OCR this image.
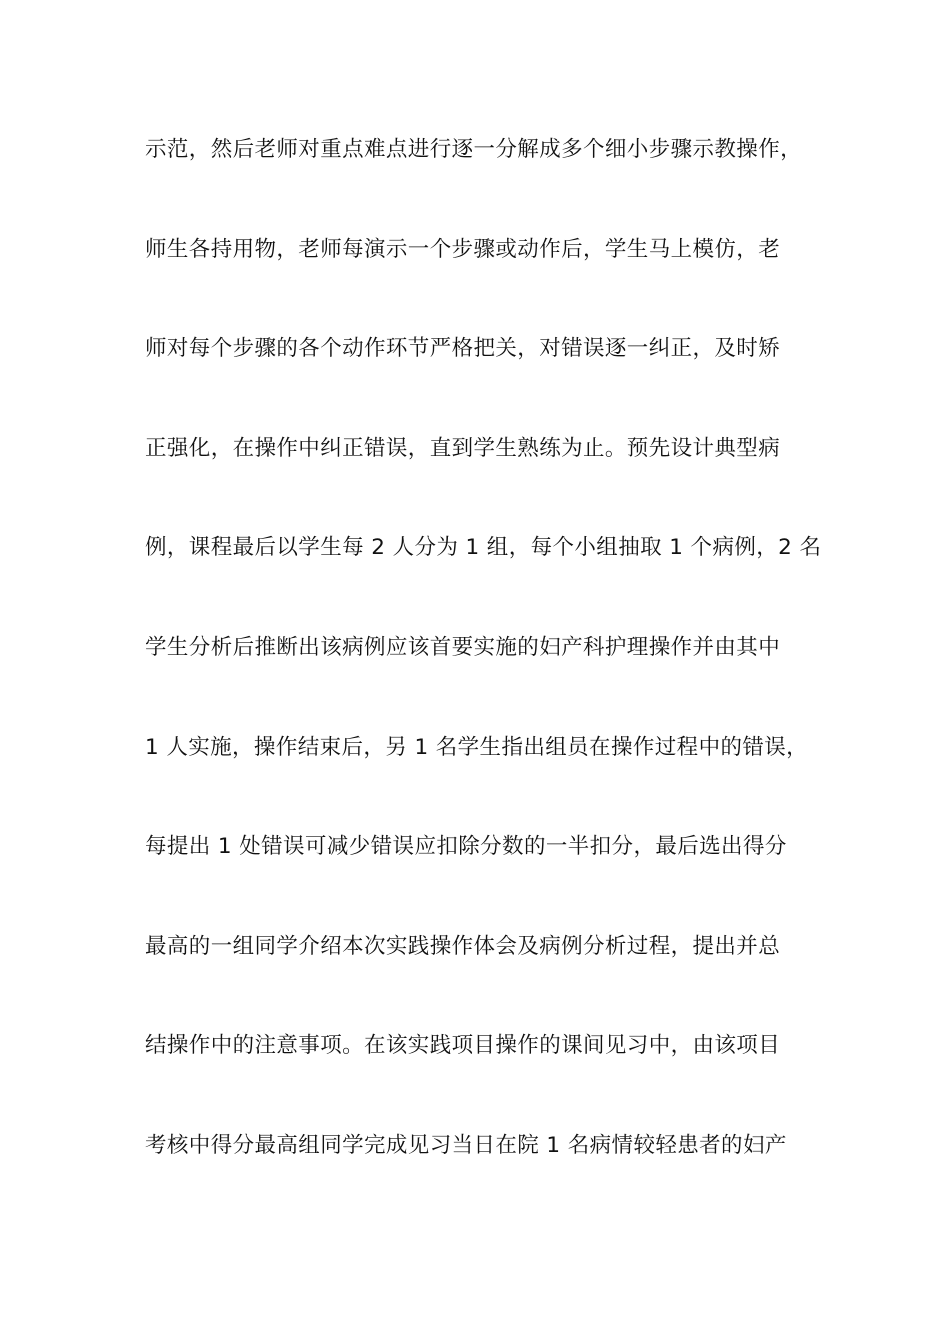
示范，然后老师对重点难点进行逐一分解成多个细小步骤示教操作，
师生各持用物，老师每演示一个步骤或动作后，学生马上模仿，老
师对每个步骤的各个动作环节严格把关，对错误逐一纠正，及时矫
正强化，在操作中纠正错误，直到学生熟练为止。预先设计典型病
例，课程最后以学生每 2 人分为 1 组，每个小组抽取 1 个病例，2 名
学生分析后推断出该病例应该首要实施的妇产科护理操作并由其中
1 人实施，操作结束后，另 1 名学生指出组员在操作过程中的错误，
每提出 1 处错误可减少错误应扣除分数的一半扣分，最后选出得分
最高的一组同学介绍本次实践操作体会及病例分析过程，提出并总
结操作中的注意事项。在该实践项目操作的课间见习中，由该项目
考核中得分最高组同学完成见习当日在院 1 名病情较轻患者的妇产
